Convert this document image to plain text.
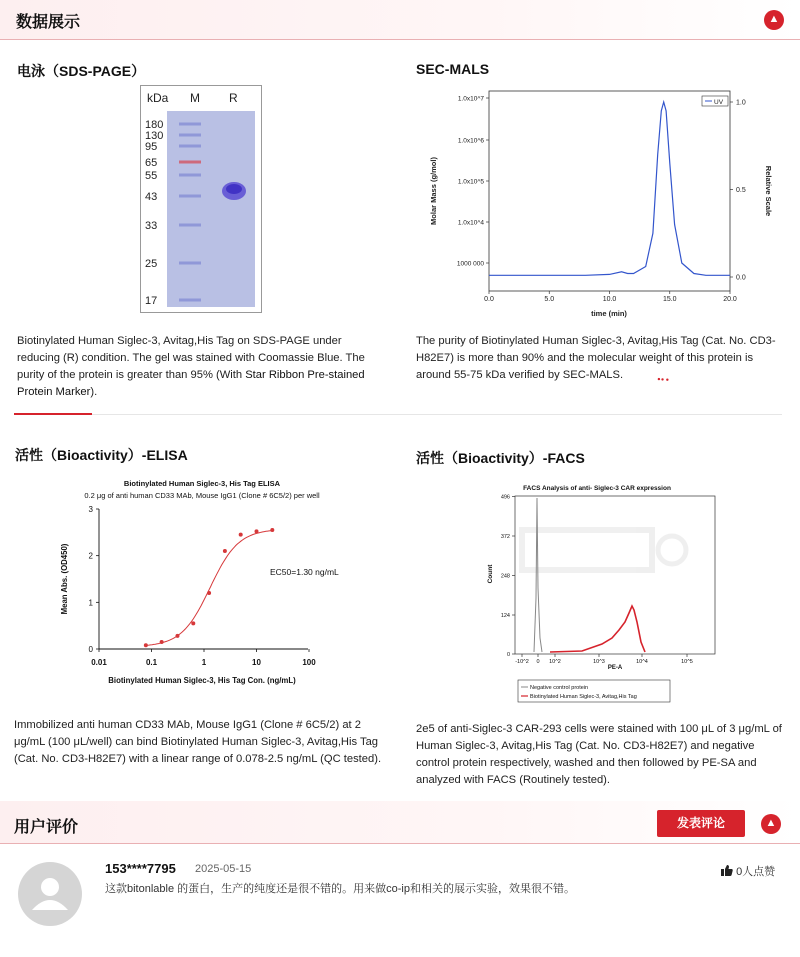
数据展示	▲
电泳（SDS-PAGE）
kDa M R
180
130
95
65
55
43
33
25
17
Biotinylated Human Siglec-3, Avitag,His Tag on SDS-PAGE under reducing (R) condition. The gel was stained with Coomassie Blue. The purity of the protein is greater than 95% (With Star Ribbon Pre-stained Protein Marker).
SEC-MALS
1000 000
1.0x10^4
1.0x10^5
1.0x10^6
1.0x10^7
0.0
0.5
1.0
0.0	5.0	10.0	15.0	20.0
UV
time (min)
Molar Mass (g/mol)	Relative Scale
The purity of Biotinylated Human Siglec-3, Avitag,His Tag (Cat. No. CD3-H82E7) is more than 90% and the molecular weight of this protein is around 55-75 kDa verified by SEC-MALS.
活性（Bioactivity）-ELISA
Biotinylated Human Siglec-3, His Tag ELISA
0.2 μg of anti human CD33 MAb, Mouse IgG1 (Clone # 6C5/2) per well
0
1
2
3
0.01	0.1	1	10	100
EC50=1.30 ng/mL
Biotinylated Human Siglec-3, His Tag Con. (ng/mL)
Mean Abs. (OD450)
Immobilized anti human CD33 MAb, Mouse IgG1 (Clone # 6C5/2) at 2 μg/mL (100 μL/well) can bind Biotinylated Human Siglec-3, Avitag,His Tag (Cat. No. CD3-H82E7) with a linear range of 0.078-2.5 ng/mL (QC tested).
活性（Bioactivity）-FACS
FACS Analysis of anti- Siglec-3 CAR expression
0
124
248
372
496
-10^2 0 10^2	10^3	10^4	10^5
PE-A
Count
Negative control protein
Biotinylated Human Siglec-3, Avitag,His Tag
2e5 of anti-Siglec-3 CAR-293 cells were stained with 100 μL of 3 μg/mL of Human Siglec-3, Avitag,His Tag (Cat. No. CD3-H82E7) and negative control protein respectively, washed and then followed by PE-SA and analyzed with FACS (Routinely tested).
用户评价	发表评论	▲
153****7795 2025-05-15
这款bitonlable 的蛋白，生产的纯度还是很不错的。用来做co-ip和相关的展示实验，效果很不错。
0人点赞
